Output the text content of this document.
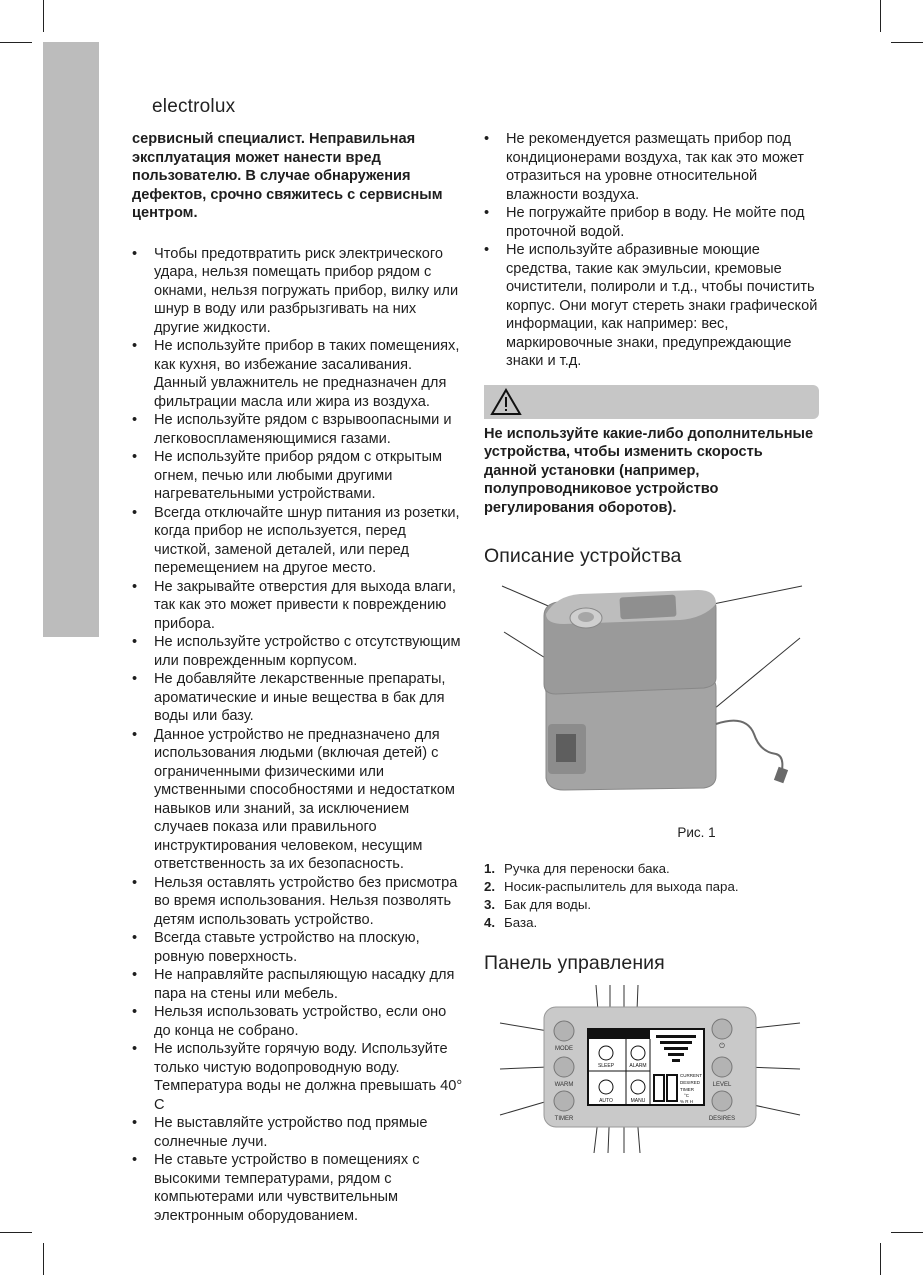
electrolux

сервисный специалист. Неправильная эксплуатация может нанести вред пользователю. В случае обнаружения дефектов, срочно свяжитесь с сервисным центром.

• Чтобы предотвратить риск электрического удара, нельзя помещать прибор рядом с окнами, нельзя погружать прибор, вилку или шнур в воду или разбрызгивать на них другие жидкости.
• Не используйте прибор в таких помещениях, как кухня, во избежание засаливания. Данный увлажнитель не предназначен для фильтрации масла или жира из воздуха.
• Не используйте рядом с взрывоопасными и легковоспламеняющимися газами.
• Не используйте прибор рядом с открытым огнем, печью или любыми другими нагревательными устройствами.
• Всегда отключайте шнур питания из розетки, когда прибор не используется, перед чисткой, заменой деталей, или перед перемещением на другое место.
• Не закрывайте отверстия для выхода влаги, так как это может привести к повреждению прибора.
• Не используйте устройство с отсутствующим или поврежденным корпусом.
• Не добавляйте лекарственные препараты, ароматические и иные вещества в бак для воды или базу.
• Данное устройство не предназначено для использования людьми (включая детей) с ограниченными физическими или умственными способностями и недостатком навыков или знаний, за исключением случаев показа или правильного инструктирования человеком, несущим ответственность за их безопасность.
• Нельзя оставлять устройство без присмотра во время использования. Нельзя позволять детям использовать устройство.
• Всегда ставьте устройство на плоскую, ровную поверхность.
• Не направляйте распыляющую насадку для пара на стены или мебель.
• Нельзя использовать устройство, если оно до конца не собрано.
• Не используйте горячую воду. Используйте только чистую водопроводную воду. Температура воды не должна превышать 40° С
• Не выставляйте устройство под прямые солнечные лучи.
• Не ставьте устройство в помещениях с высокими температурами, рядом с компьютерами или чувствительным электронным оборудованием.
• Не рекомендуется размещать прибор под кондиционерами воздуха, так как это может отразиться на уровне относительной влажности воздуха.
• Не погружайте прибор в воду. Не мойте под проточной водой.
• Не используйте абразивные моющие средства, такие как эмульсии, кремовые очистители, полироли и т.д., чтобы почистить корпус. Они могут стереть знаки графической информации, как например: вес, маркировочные знаки, предупреждающие знаки и т.д.

Не используйте какие-либо дополнительные устройства, чтобы изменить скорость данной установки (например, полупроводниковое устройство регулирования оборотов).

Описание устройства
Рис. 1
1. Ручка для переноски бака.
2. Носик-распылитель для выхода пара.
3. Бак для воды.
4. База.
Панель управления
MODE
WARM
TIMER
⏻
LEVEL
DESIRES
SLEEP	ALARM
AUTO	MANU
CURRENT
DESIRED
TIMER
°C
% R H
